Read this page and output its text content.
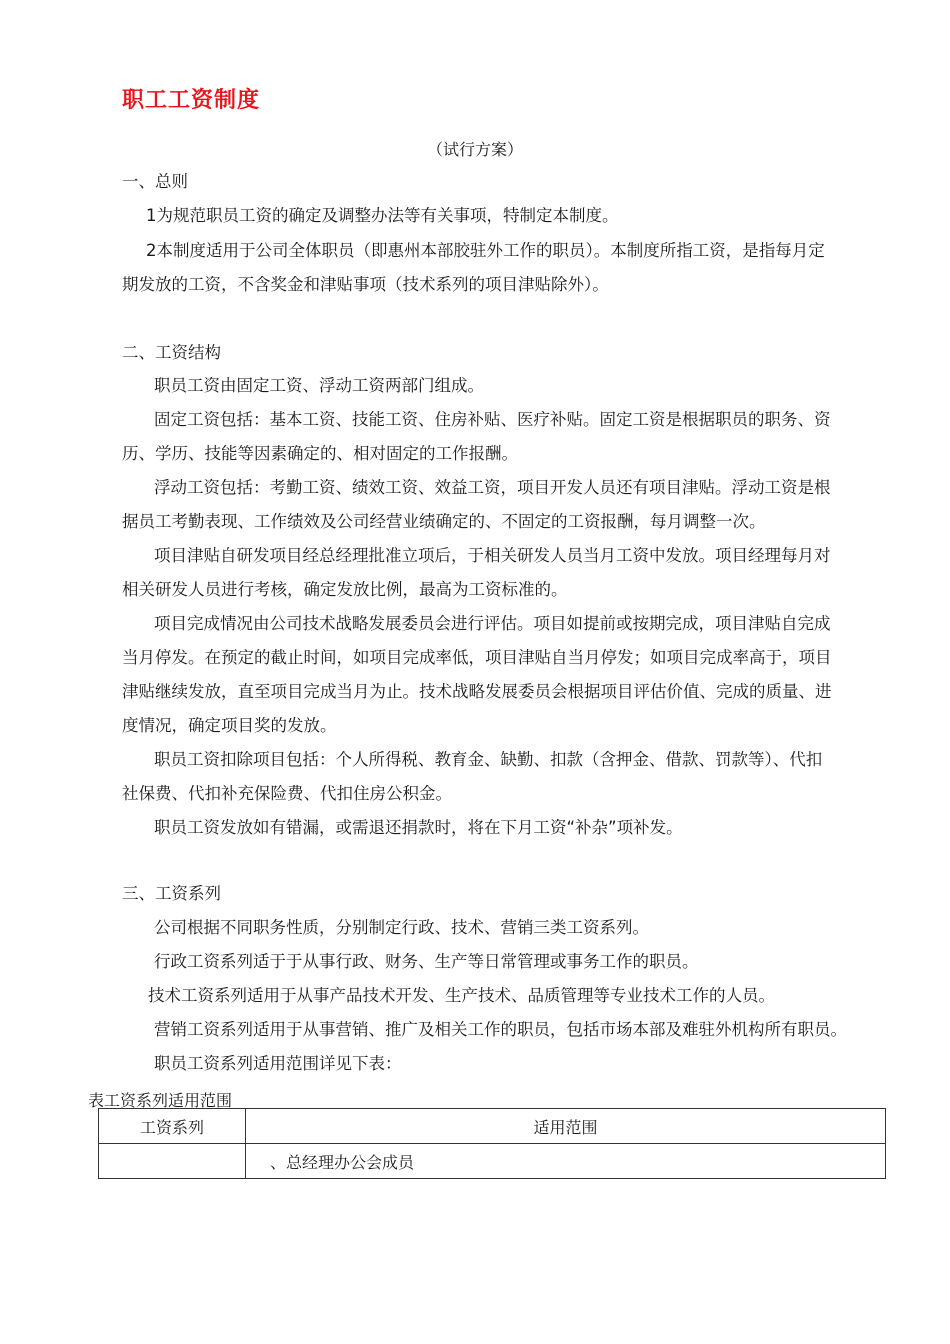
职工工资制度
（试行方案）
一、总则
1为规范职员工资的确定及调整办法等有关事项，特制定本制度。
2本制度适用于公司全体职员（即惠州本部胶驻外工作的职员）。本制度所指工资，是指每月定
期发放的工资，不含奖金和津贴事项（技术系列的项目津贴除外）。
二、工资结构
职员工资由固定工资、浮动工资两部门组成。
固定工资包括：基本工资、技能工资、住房补贴、医疗补贴。固定工资是根据职员的职务、资
历、学历、技能等因素确定的、相对固定的工作报酬。
浮动工资包括：考勤工资、绩效工资、效益工资，项目开发人员还有项目津贴。浮动工资是根
据员工考勤表现、工作绩效及公司经营业绩确定的、不固定的工资报酬，每月调整一次。
项目津贴自研发项目经总经理批准立项后，于相关研发人员当月工资中发放。项目经理每月对
相关研发人员进行考核，确定发放比例，最高为工资标准的。
项目完成情况由公司技术战略发展委员会进行评估。项目如提前或按期完成，项目津贴自完成
当月停发。在预定的截止时间，如项目完成率低，项目津贴自当月停发；如项目完成率高于，项目
津贴继续发放，直至项目完成当月为止。技术战略发展委员会根据项目评估价值、完成的质量、进
度情况，确定项目奖的发放。
职员工资扣除项目包括：个人所得税、教育金、缺勤、扣款（含押金、借款、罚款等）、代扣
社保费、代扣补充保险费、代扣住房公积金。
职员工资发放如有错漏，或需退还捐款时，将在下月工资“补杂”项补发。
三、工资系列
公司根据不同职务性质，分别制定行政、技术、营销三类工资系列。
行政工资系列适于于从事行政、财务、生产等日常管理或事务工作的职员。
技术工资系列适用于从事产品技术开发、生产技术、品质管理等专业技术工作的人员。
营销工资系列适用于从事营销、推广及相关工作的职员，包括市场本部及难驻外机构所有职员。
职员工资系列适用范围详见下表：
表工资系列适用范围
工资系列	适用范围
	、总经理办公会成员
